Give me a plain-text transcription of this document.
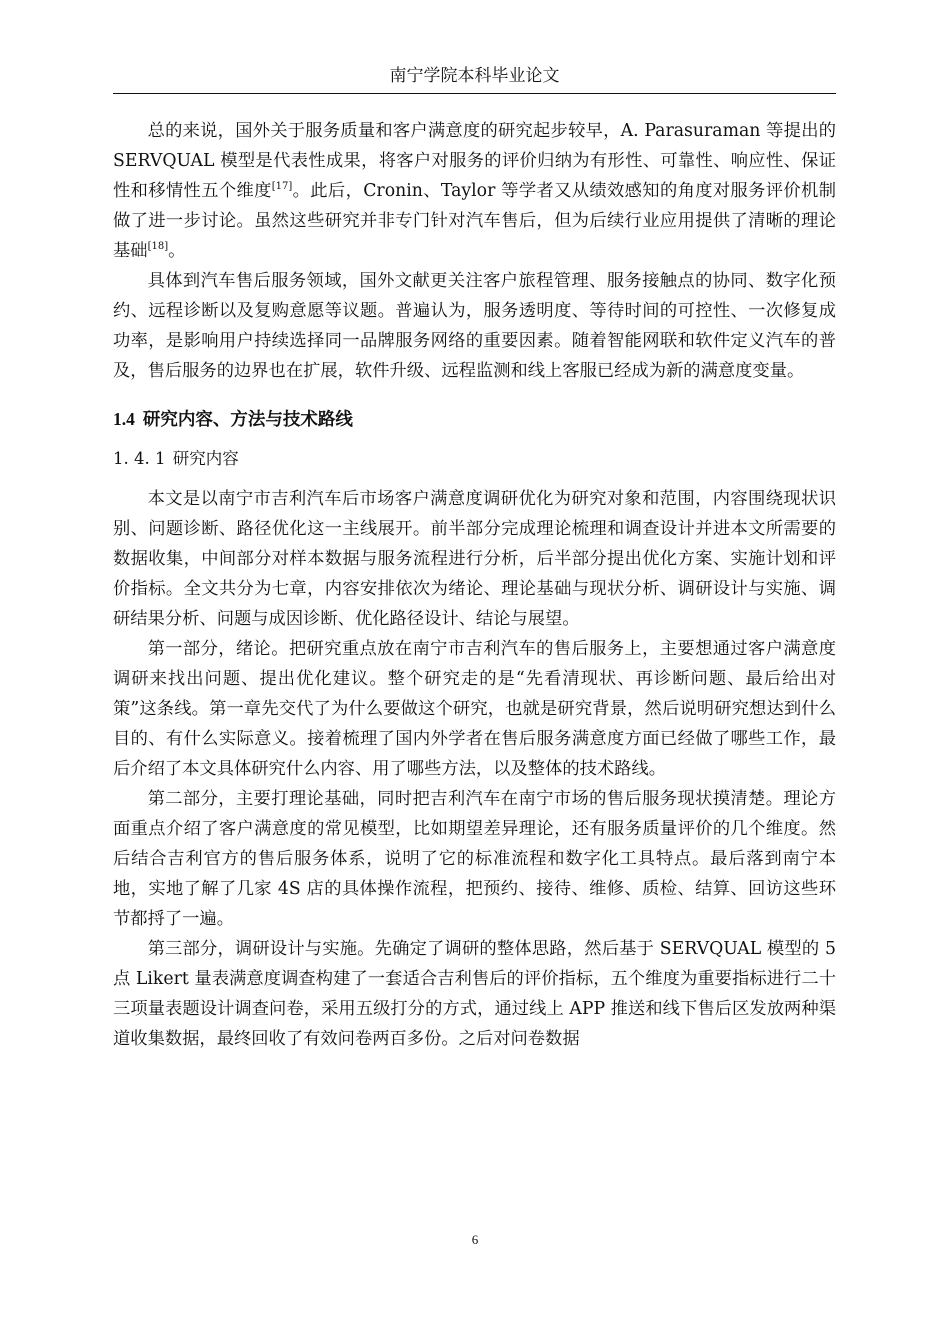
南宁学院本科毕业论文

总的来说，国外关于服务质量和客户满意度的研究起步较早，A. Parasuraman 等提出的 SERVQUAL 模型是代表性成果，将客户对服务的评价归纳为有形性、可靠性、响应性、保证性和移情性五个维度[17]。此后，Cronin、Taylor 等学者又从绩效感知的角度对服务评价机制做了进一步讨论。虽然这些研究并非专门针对汽车售后，但为后续行业应用提供了清晰的理论基础[18]。

具体到汽车售后服务领域，国外文献更关注客户旅程管理、服务接触点的协同、数字化预约、远程诊断以及复购意愿等议题。普遍认为，服务透明度、等待时间的可控性、一次修复成功率，是影响用户持续选择同一品牌服务网络的重要因素。随着智能网联和软件定义汽车的普及，售后服务的边界也在扩展，软件升级、远程监测和线上客服已经成为新的满意度变量。

1.4 研究内容、方法与技术路线
1. 4. 1 研究内容

本文是以南宁市吉利汽车后市场客户满意度调研优化为研究对象和范围，内容围绕现状识别、问题诊断、路径优化这一主线展开。前半部分完成理论梳理和调查设计并进本文所需要的数据收集，中间部分对样本数据与服务流程进行分析，后半部分提出优化方案、实施计划和评价指标。全文共分为七章，内容安排依次为绪论、理论基础与现状分析、调研设计与实施、调研结果分析、问题与成因诊断、优化路径设计、结论与展望。

第一部分，绪论。把研究重点放在南宁市吉利汽车的售后服务上，主要想通过客户满意度调研来找出问题、提出优化建议。整个研究走的是“先看清现状、再诊断问题、最后给出对策”这条线。第一章先交代了为什么要做这个研究，也就是研究背景，然后说明研究想达到什么目的、有什么实际意义。接着梳理了国内外学者在售后服务满意度方面已经做了哪些工作，最后介绍了本文具体研究什么内容、用了哪些方法，以及整体的技术路线。

第二部分，主要打理论基础，同时把吉利汽车在南宁市场的售后服务现状摸清楚。理论方面重点介绍了客户满意度的常见模型，比如期望差异理论，还有服务质量评价的几个维度。然后结合吉利官方的售后服务体系，说明了它的标准流程和数字化工具特点。最后落到南宁本地，实地了解了几家 4S 店的具体操作流程，把预约、接待、维修、质检、结算、回访这些环节都捋了一遍。

第三部分，调研设计与实施。先确定了调研的整体思路，然后基于 SERVQUAL 模型的 5 点 Likert 量表满意度调查构建了一套适合吉利售后的评价指标，五个维度为重要指标进行二十三项量表题设计调查问卷，采用五级打分的方式，通过线上 APP 推送和线下售后区发放两种渠道收集数据，最终回收了有效问卷两百多份。之后对问卷数据

6
